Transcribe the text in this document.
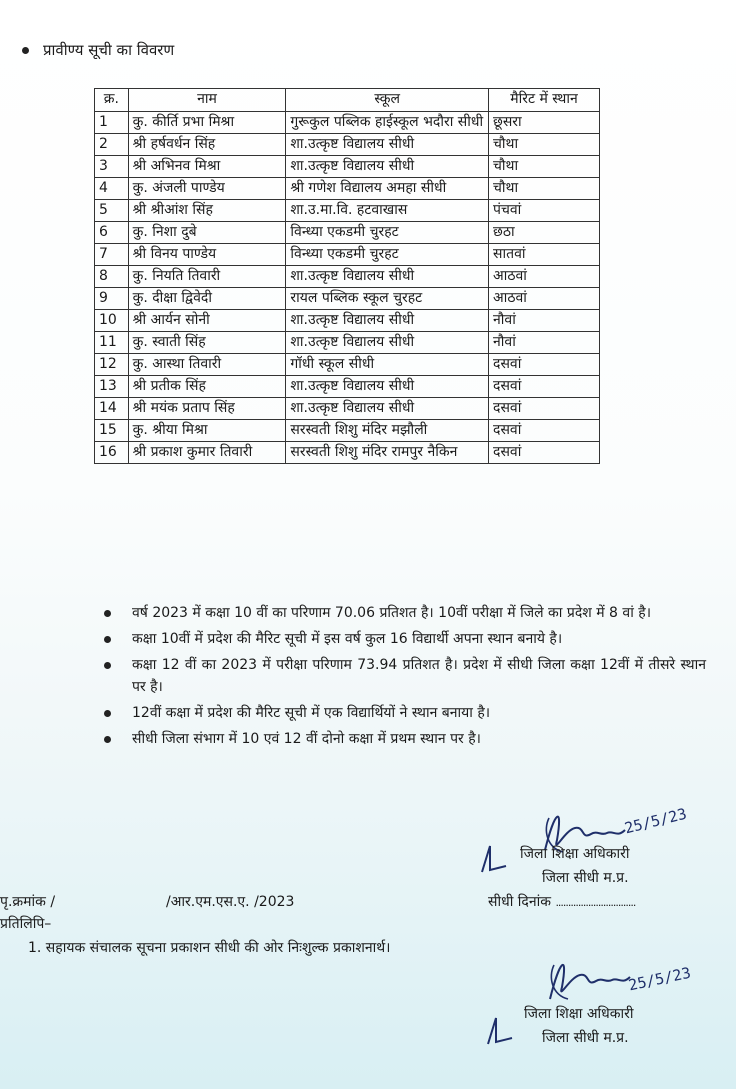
प्रावीण्य सूची का विवरण
क्र.	नाम	स्कूल	मैरिट में स्थान
1	कु. कीर्ति प्रभा मिश्रा	गुरूकुल पब्लिक हाईस्कूल भदौरा सीधी	छूसरा
2	श्री हर्षवर्धन सिंह	शा.उत्कृष्ट विद्यालय सीधी	चौथा
3	श्री अभिनव मिश्रा	शा.उत्कृष्ट विद्यालय सीधी	चौथा
4	कु. अंजली पाण्डेय	श्री गणेश विद्यालय अमहा सीधी	चौथा
5	श्री श्रीआंश सिंह	शा.उ.मा.वि. हटवाखास	पंचवां
6	कु. निशा दुबे	विन्ध्या एकडमी चुरहट	छठा
7	श्री विनय पाण्डेय	विन्ध्या एकडमी चुरहट	सातवां
8	कु. नियति तिवारी	शा.उत्कृष्ट विद्यालय सीधी	आठवां
9	कु. दीक्षा द्विवेदी	रायल पब्लिक स्कूल चुरहट	आठवां
10	श्री आर्यन सोनी	शा.उत्कृष्ट विद्यालय सीधी	नौवां
11	कु. स्वाती सिंह	शा.उत्कृष्ट विद्यालय सीधी	नौवां
12	कु. आस्था तिवारी	गॉधी स्कूल सीधी	दसवां
13	श्री प्रतीक सिंह	शा.उत्कृष्ट विद्यालय सीधी	दसवां
14	श्री मयंक प्रताप सिंह	शा.उत्कृष्ट विद्यालय सीधी	दसवां
15	कु. श्रीया मिश्रा	सरस्वती शिशु मंदिर मझौली	दसवां
16	श्री प्रकाश कुमार तिवारी	सरस्वती शिशु मंदिर रामपुर नैकिन	दसवां
वर्ष 2023 में कक्षा 10 वीं का परिणाम 70.06 प्रतिशत है। 10वीं परीक्षा में जिले का प्रदेश में 8 वां है।
कक्षा 10वीं में प्रदेश की मैरिट सूची में इस वर्ष कुल 16 विद्यार्थी अपना स्थान बनाये है।
कक्षा 12 वीं का 2023 में परीक्षा परिणाम 73.94 प्रतिशत है। प्रदेश में सीधी जिला कक्षा 12वीं में तीसरे स्थान पर है।
12वीं कक्षा में प्रदेश की मैरिट सूची में एक विद्यार्थियों ने स्थान बनाया है।
सीधी जिला संभाग में 10 एवं 12 वीं दोनो कक्षा में प्रथम स्थान पर है।
25/5/23
जिला शिक्षा अधिकारी
जिला सीधी म.प्र.
पृ.क्रमांक /	/आर.एम.एस.ए. /2023	सीधी दिनांक ................................
प्रतिलिपि–
1. सहायक संचालक सूचना प्रकाशन सीधी की ओर निःशुल्क प्रकाशनार्थ।
25/5/23
जिला शिक्षा अधिकारी
जिला सीधी म.प्र.
